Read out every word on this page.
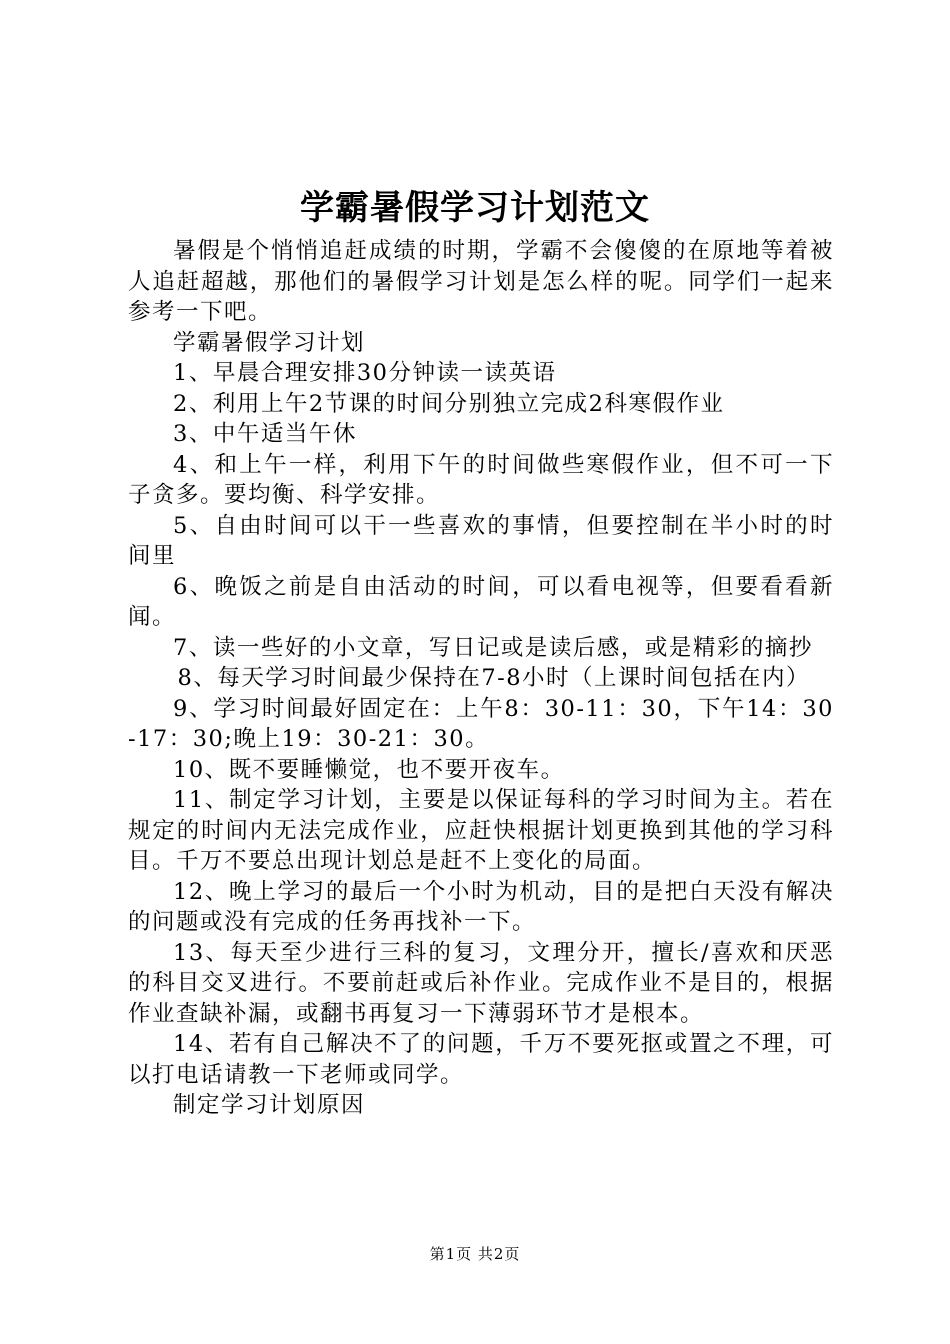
学霸暑假学习计划范文

暑假是个悄悄追赶成绩的时期，学霸不会傻傻的在原地等着被人追赶超越，那他们的暑假学习计划是怎么样的呢。同学们一起来参考一下吧。

学霸暑假学习计划

1、早晨合理安排30分钟读一读英语

2、利用上午2节课的时间分别独立完成2科寒假作业

3、中午适当午休

4、和上午一样，利用下午的时间做些寒假作业，但不可一下子贪多。要均衡、科学安排。

5、自由时间可以干一些喜欢的事情，但要控制在半小时的时间里

6、晚饭之前是自由活动的时间，可以看电视等，但要看看新闻。

7、读一些好的小文章，写日记或是读后感，或是精彩的摘抄

8、每天学习时间最少保持在7-8小时（上课时间包括在内）

9、学习时间最好固定在：上午8：30-11：30，下午14：30-17：30;晚上19：30-21：30。

10、既不要睡懒觉，也不要开夜车。

11、制定学习计划，主要是以保证每科的学习时间为主。若在规定的时间内无法完成作业，应赶快根据计划更换到其他的学习科目。千万不要总出现计划总是赶不上变化的局面。

12、晚上学习的最后一个小时为机动，目的是把白天没有解决的问题或没有完成的任务再找补一下。

13、每天至少进行三科的复习，文理分开，擅长/喜欢和厌恶的科目交叉进行。不要前赶或后补作业。完成作业不是目的，根据作业查缺补漏，或翻书再复习一下薄弱环节才是根本。

14、若有自己解决不了的问题，千万不要死抠或置之不理，可以打电话请教一下老师或同学。

制定学习计划原因

第1页 共2页
